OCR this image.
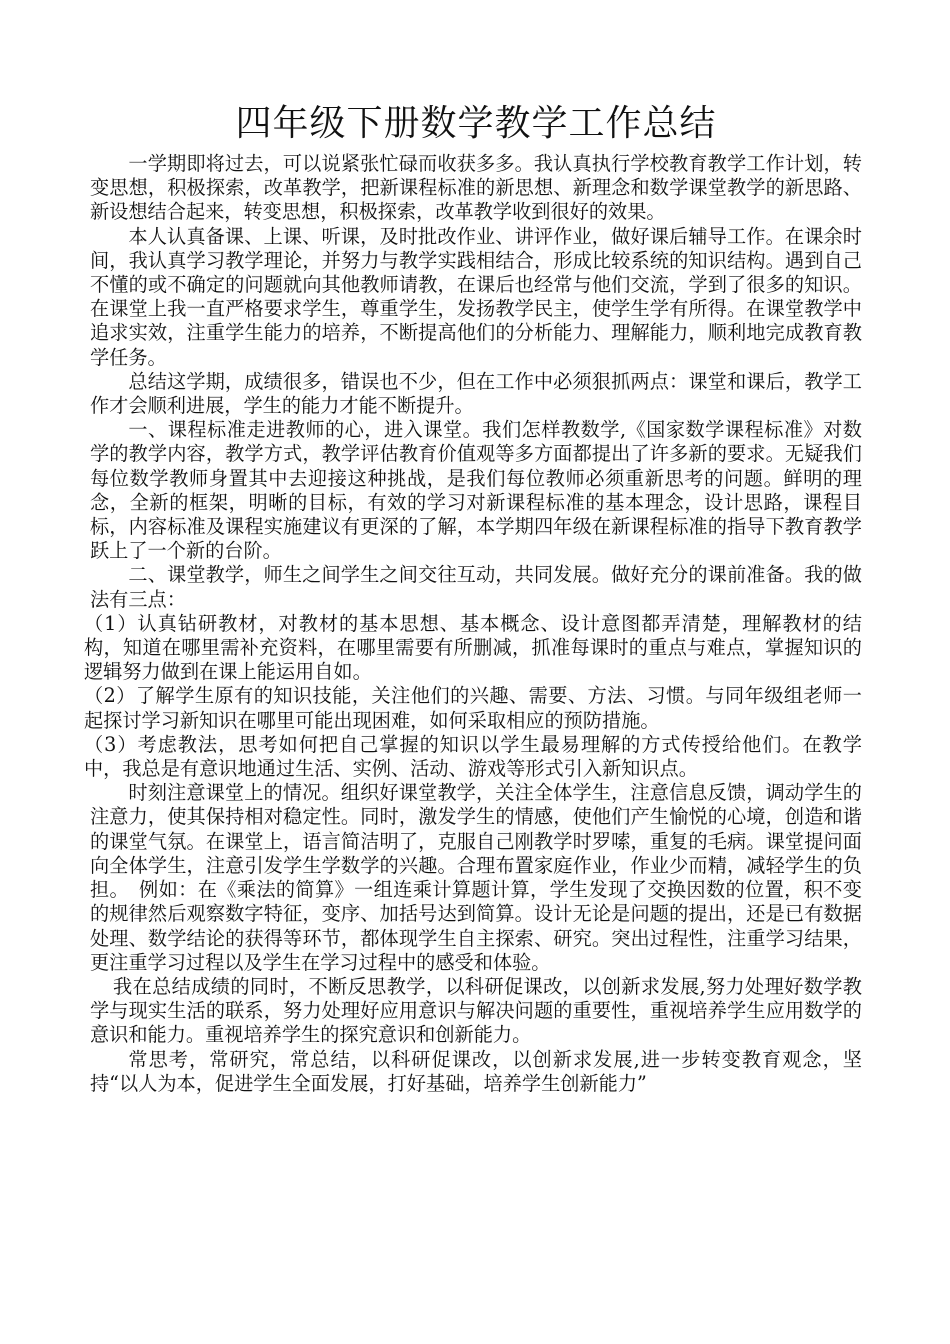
四年级下册数学教学工作总结

一学期即将过去，可以说紧张忙碌而收获多多。我认真执行学校教育教学工作计划，转变思想，积极探索，改革教学，把新课程标准的新思想、新理念和数学课堂教学的新思路、新设想结合起来，转变思想，积极探索，改革教学收到很好的效果。

本人认真备课、上课、听课，及时批改作业、讲评作业，做好课后辅导工作。在课余时间，我认真学习教学理论，并努力与教学实践相结合，形成比较系统的知识结构。遇到自己不懂的或不确定的问题就向其他教师请教，在课后也经常与他们交流，学到了很多的知识。在课堂上我一直严格要求学生，尊重学生，发扬教学民主，使学生学有所得。在课堂教学中追求实效，注重学生能力的培养，不断提高他们的分析能力、理解能力，顺利地完成教育教学任务。

总结这学期，成绩很多，错误也不少，但在工作中必须狠抓两点：课堂和课后，教学工作才会顺利进展，学生的能力才能不断提升。

一、课程标准走进教师的心，进入课堂。我们怎样教数学,《国家数学课程标准》对数学的教学内容，教学方式，教学评估教育价值观等多方面都提出了许多新的要求。无疑我们每位数学教师身置其中去迎接这种挑战，是我们每位教师必须重新思考的问题。鲜明的理念，全新的框架，明晰的目标，有效的学习对新课程标准的基本理念，设计思路，课程目标，内容标准及课程实施建议有更深的了解，本学期四年级在新课程标准的指导下教育教学跃上了一个新的台阶。

二、课堂教学，师生之间学生之间交往互动，共同发展。做好充分的课前准备。我的做法有三点：

（1）认真钻研教材，对教材的基本思想、基本概念、设计意图都弄清楚，理解教材的结构，知道在哪里需补充资料，在哪里需要有所删减，抓准每课时的重点与难点，掌握知识的逻辑努力做到在课上能运用自如。

（2）了解学生原有的知识技能，关注他们的兴趣、需要、方法、习惯。与同年级组老师一起探讨学习新知识在哪里可能出现困难，如何采取相应的预防措施。

（3）考虑教法，思考如何把自己掌握的知识以学生最易理解的方式传授给他们。在教学中，我总是有意识地通过生活、实例、活动、游戏等形式引入新知识点。

时刻注意课堂上的情况。组织好课堂教学，关注全体学生，注意信息反馈，调动学生的注意力，使其保持相对稳定性。同时，激发学生的情感，使他们产生愉悦的心境，创造和谐的课堂气氛。在课堂上，语言简洁明了，克服自己刚教学时罗嗦，重复的毛病。课堂提问面向全体学生，注意引发学生学数学的兴趣。合理布置家庭作业，作业少而精，减轻学生的负担。　例如：在《乘法的简算》一组连乘计算题计算，学生发现了交换因数的位置，积不变的规律然后观察数字特征，变序、加括号达到简算。设计无论是问题的提出，还是已有数据处理、数学结论的获得等环节，都体现学生自主探索、研究。突出过程性，注重学习结果，更注重学习过程以及学生在学习过程中的感受和体验。

我在总结成绩的同时，不断反思教学，以科研促课改，以创新求发展,努力处理好数学教学与现实生活的联系，努力处理好应用意识与解决问题的重要性，重视培养学生应用数学的意识和能力。重视培养学生的探究意识和创新能力。

常思考，常研究，常总结，以科研促课改，以创新求发展,进一步转变教育观念，坚持“以人为本，促进学生全面发展，打好基础，培养学生创新能力”
